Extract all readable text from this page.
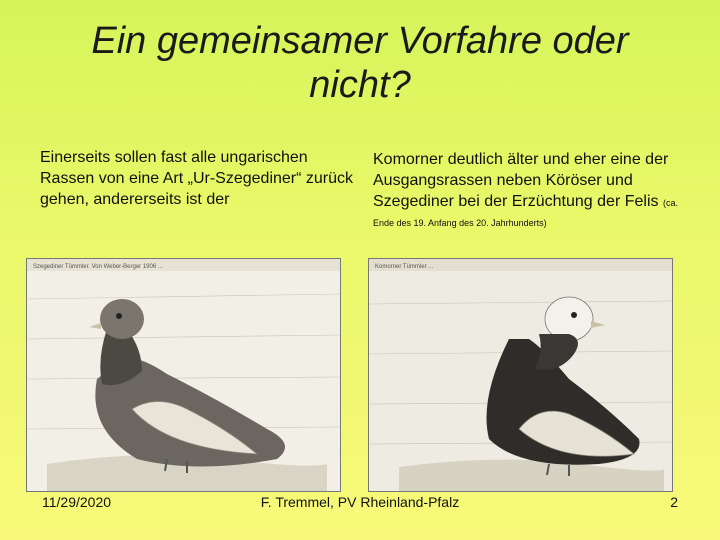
Ein gemeinsamer Vorfahre oder
nicht?
Einerseits sollen fast alle ungarischen Rassen von eine Art „Ur-Szegediner“ zurück gehen, andererseits ist der
Komorner deutlich älter und eher eine der Ausgangsrassen neben Köröser und Szegediner bei der Erzüchtung der Felis (ca. Ende des 19. Anfang des 20. Jahrhunderts)
Szegediner Tümmler. Von Weber-Berger 1906 ...	Komorner Tümmler ...
11/29/2020	F. Tremmel, PV Rheinland-Pfalz	2
